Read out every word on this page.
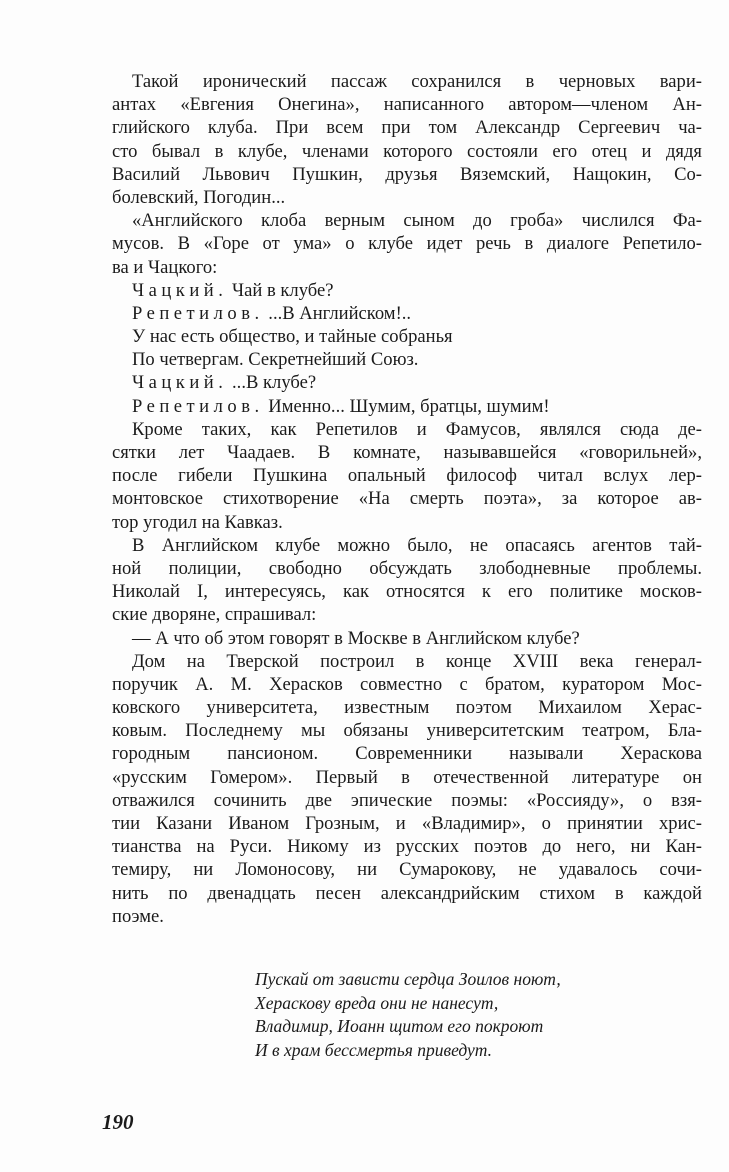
Такой иронический пассаж сохранился в черновых вари-
антах «Евгения Онегина», написанного автором—членом Ан-
глийского клуба. При всем при том Александр Сергеевич ча-
сто бывал в клубе, членами которого состояли его отец и дядя
Василий Львович Пушкин, друзья Вяземский, Нащокин, Со-
болевский, Погодин...
«Английского клоба верным сыном до гроба» числился Фа-
мусов. В «Горе от ума» о клубе идет речь в диалоге Репетило-
ва и Чацкого:
Чацкий. Чай в клубе?
Репетилов. ...В Английском!..
У нас есть общество, и тайные собранья
По четвергам. Секретнейший Союз.
Чацкий. ...В клубе?
Репетилов. Именно... Шумим, братцы, шумим!
Кроме таких, как Репетилов и Фамусов, являлся сюда де-
сятки лет Чаадаев. В комнате, называвшейся «говорильней»,
после гибели Пушкина опальный философ читал вслух лер-
монтовское стихотворение «На смерть поэта», за которое ав-
тор угодил на Кавказ.
В Английском клубе можно было, не опасаясь агентов тай-
ной полиции, свободно обсуждать злободневные проблемы.
Николай I, интересуясь, как относятся к его политике москов-
ские дворяне, спрашивал:
— А что об этом говорят в Москве в Английском клубе?
Дом на Тверской построил в конце XVIII века генерал-
поручик А. М. Херасков совместно с братом, куратором Мос-
ковского университета, известным поэтом Михаилом Херас-
ковым. Последнему мы обязаны университетским театром, Бла-
городным пансионом. Современники называли Хераскова
«русским Гомером». Первый в отечественной литературе он
отважился сочинить две эпические поэмы: «Россияду», о взя-
тии Казани Иваном Грозным, и «Владимир», о принятии хрис-
тианства на Руси. Никому из русских поэтов до него, ни Кан-
темиру, ни Ломоносову, ни Сумарокову, не удавалось сочи-
нить по двенадцать песен александрийским стихом в каждой
поэме.
Пускай от зависти сердца Зоилов ноют,
Хераскову вреда они не нанесут,
Владимир, Иоанн щитом его покроют
И в храм бессмертья приведут.
190
